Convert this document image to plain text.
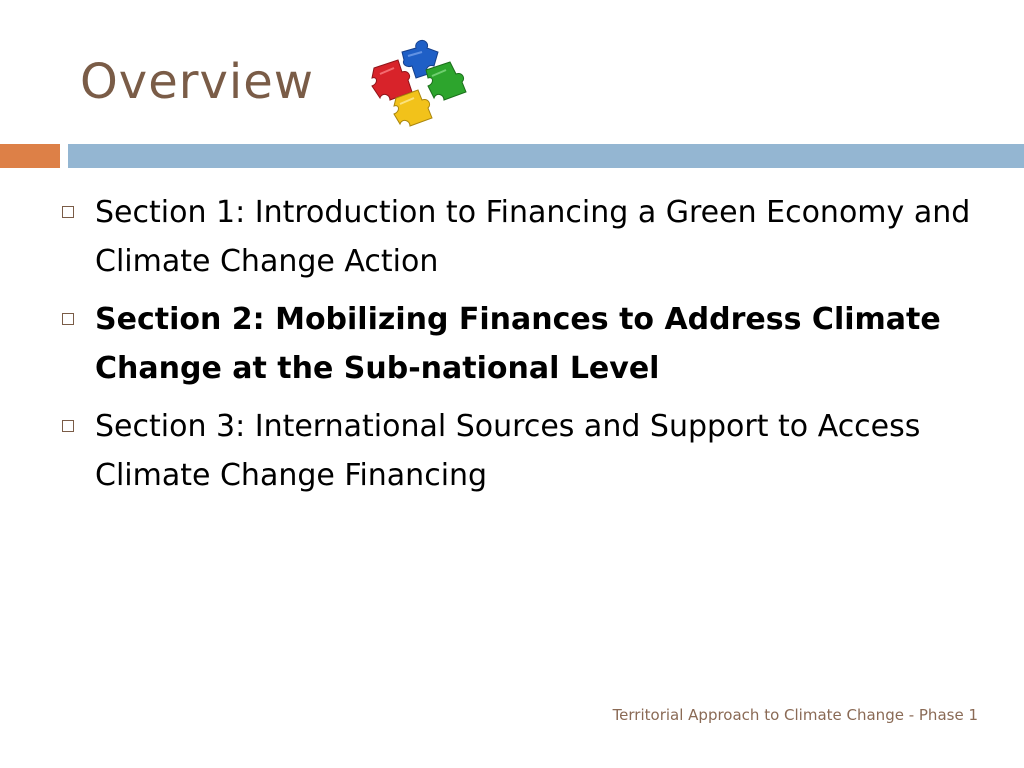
Overview
Section 1: Introduction to Financing a Green Economy and Climate Change Action
Section 2: Mobilizing Finances to Address Climate Change at the Sub-national Level
Section 3: International Sources and Support to Access Climate Change Financing
Territorial Approach to Climate Change - Phase 1
